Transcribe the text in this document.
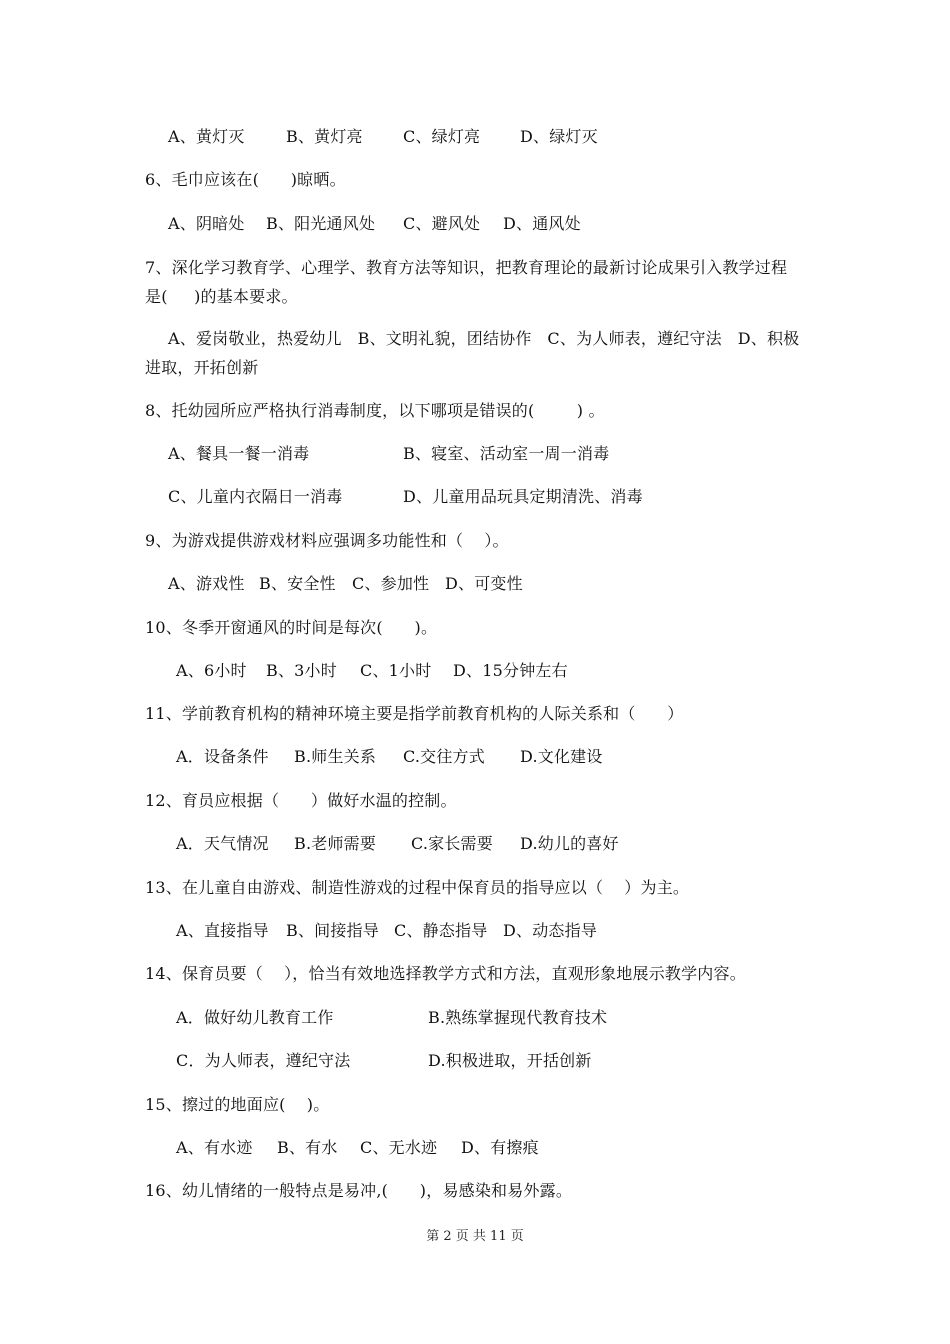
A、黄灯灭	B、黄灯亮	C、绿灯亮 D、绿灯灭
6、毛巾应该在(      )晾晒。
A、阴暗处 B、阳光通风处 C、避风处 D、通风处
7、深化学习教育学、心理学、教育方法等知识，把教育理论的最新讨论成果引入教学过程
是(     )的基本要求。
A、爱岗敬业，热爱幼儿   B、文明礼貌，团结协作   C、为人师表，遵纪守法   D、积极
进取，开拓创新
8、托幼园所应严格执行消毒制度，以下哪项是错误的(        ) 。
A、餐具一餐一消毒	B、寝室、活动室一周一消毒
C、儿童内衣隔日一消毒	D、儿童用品玩具定期清洗、消毒
9、为游戏提供游戏材料应强调多功能性和（    ）。
A、游戏性 B、安全性 C、参加性 D、可变性
10、冬季开窗通风的时间是每次(      )。
A、6小时 B、3小时 C、1小时 D、15分钟左右
11、学前教育机构的精神环境主要是指学前教育机构的人际关系和（      ）
A．设备条件 B.师生关系 C.交往方式 D.文化建设
12、育员应根据（      ）做好水温的控制。
A．天气情况 B.老师需要 C.家长需要 D.幼儿的喜好
13、在儿童自由游戏、制造性游戏的过程中保育员的指导应以（    ）为主。
A、直接指导 B、间接指导 C、静态指导 D、动态指导
14、保育员要（    ），恰当有效地选择教学方式和方法，直观形象地展示教学内容。
A．做好幼儿教育工作	B.熟练掌握现代教育技术
C．为人师表，遵纪守法	D.积极进取，开括创新
15、擦过的地面应(    )。
A、有水迹 B、有水 C、无水迹 D、有擦痕
16、幼儿情绪的一般特点是易冲,(      )，易感染和易外露。
第 2 页 共 11 页
